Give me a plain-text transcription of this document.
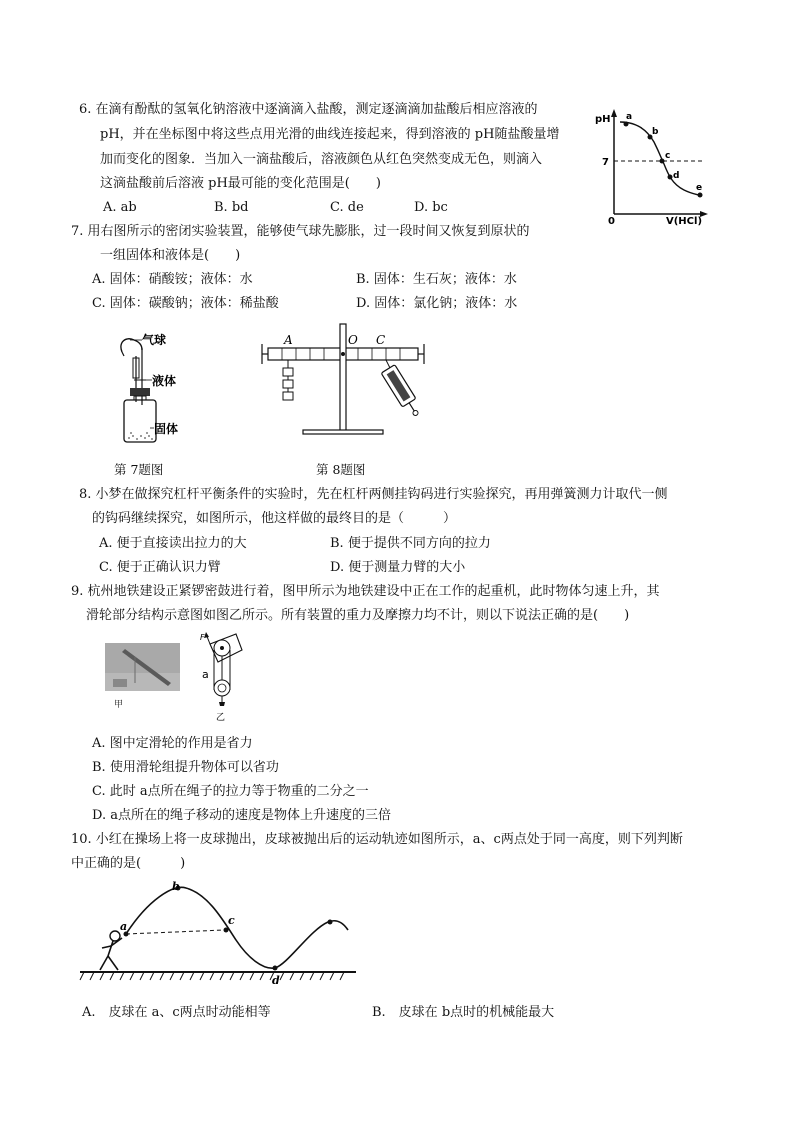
6. 在滴有酚酞的氢氧化钠溶液中逐滴滴入盐酸，测定逐滴滴加盐酸后相应溶液的
pH，并在坐标图中将这些点用光滑的曲线连接起来，得到溶液的 pH随盐酸量增
加而变化的图象．当加入一滴盐酸后，溶液颜色从红色突然变成无色，则滴入
这滴盐酸前后溶液 pH最可能的变化范围是(　　)
A. ab	B. bd	C. de	D. bc
pH
7
0	V(HCl)
a
b
c
d
e
7. 用右图所示的密闭实验装置，能够使气球先膨胀，过一段时间又恢复到原状的
一组固体和液体是(　　)
A. 固体：硝酸铵；液体：水	B. 固体：生石灰；液体：水
C. 固体：碳酸钠；液体：稀盐酸	D. 固体：氯化钠；液体：水
气球
液体
固体
A	O C
第 7题图	第 8题图
8. 小梦在做探究杠杆平衡条件的实验时，先在杠杆两侧挂钩码进行实验探究，再用弹簧测力计取代一侧
的钩码继续探究，如图所示，他这样做的最终目的是（　　　）
A. 便于直接读出拉力的大	B. 便于提供不同方向的拉力
C. 便于正确认识力臂	D. 便于测量力臂的大小
9. 杭州地铁建设正紧锣密鼓进行着，图甲所示为地铁建设中正在工作的起重机，此时物体匀速上升，其
滑轮部分结构示意图如图乙所示。所有装置的重力及摩擦力均不计，则以下说法正确的是(　　)
甲
F
a
乙
A. 图中定滑轮的作用是省力
B. 使用滑轮组提升物体可以省功
C. 此时 a点所在绳子的拉力等于物重的二分之一
D. a点所在的绳子移动的速度是物体上升速度的三倍
10. 小红在操场上将一皮球抛出，皮球被抛出后的运动轨迹如图所示，a、c两点处于同一高度，则下列判断
中正确的是(　　　)
a
b
c
d
A.　皮球在 a、c两点时动能相等	B.　皮球在 b点时的机械能最大
